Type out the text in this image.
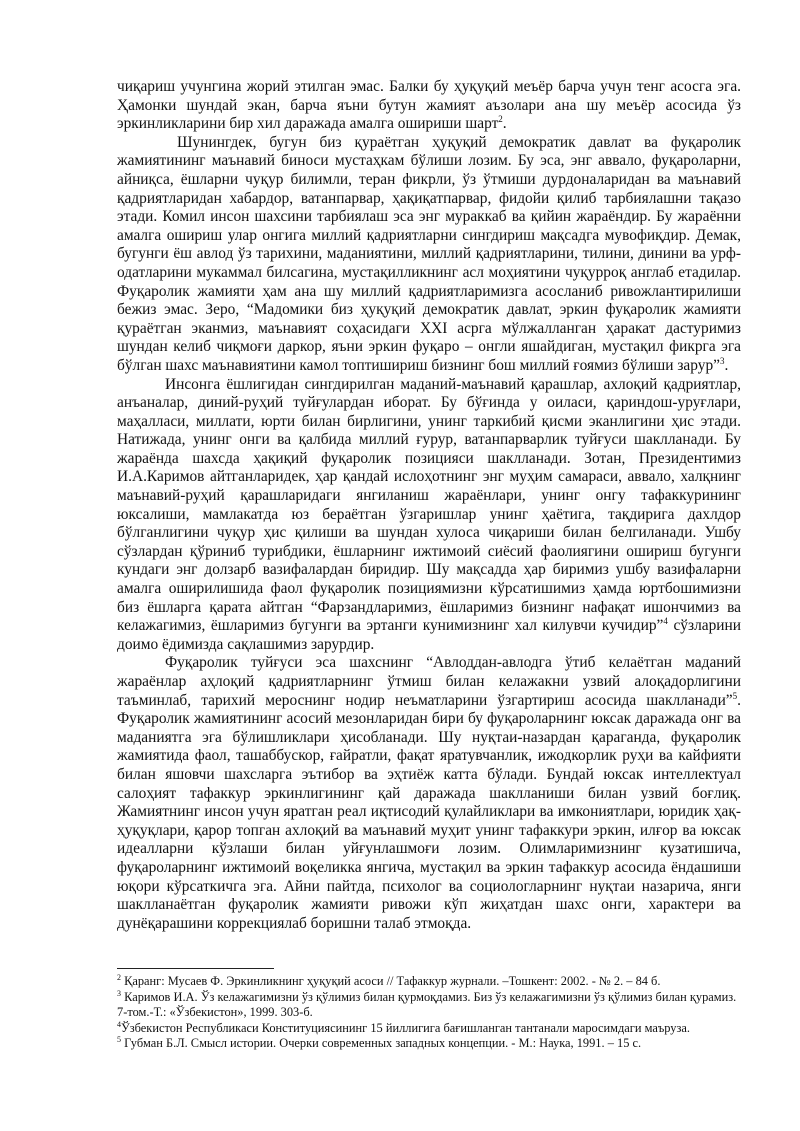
чиқариш учунгина жорий этилган эмас. Балки бу ҳуқуқий меъёр барча учун тенг асосга эга. Ҳамонки шундай экан, барча яъни бутун жамият аъзолари ана шу меъёр асосида ўз эркинликларини бир хил даражада амалга ошириши шарт$^2$.

Шунингдек, бугун биз қураётган ҳуқуқий демократик давлат ва фуқаролик жамиятининг маънавий биноси мустаҳкам бўлиши лозим. Бу эса, энг аввало, фуқароларни, айниқса, ёшларни чуқур билимли, теран фикрли, ўз ўтмиши дурдоналаридан ва маънавий қадриятларидан хабардор, ватанпарвар, ҳақиқатпарвар, фидойи қилиб тарбиялашни тақазо этади. Комил инсон шахсини тарбиялаш эса энг мураккаб ва қийин жараёндир. Бу жараённи амалга ошириш улар онгига миллий қадриятларни сингдириш мақсадга мувофиқдир. Демак, бугунги ёш авлод ўз тарихини, маданиятини, миллий қадриятларини, тилини, динини ва урф-одатларини мукаммал билсагина, мустақилликнинг асл моҳиятини чуқурроқ англаб етадилар. Фуқаролик жамияти ҳам ана шу миллий қадриятларимизга асосланиб ривожлантирилиши бежиз эмас. Зеро, “Мадомики биз ҳуқуқий демократик давлат, эркин фуқаролик жамияти қураётган эканмиз, маънавият соҳасидаги XXI асрга мўлжалланган ҳаракат дастуримиз шундан келиб чиқмоғи даркор, яъни эркин фуқаро – онгли яшайдиган, мустақил фикрга эга бўлган шахс маънавиятини камол топтишириш бизнинг бош миллий ғоямиз бўлиши зарур”$^3$.

Инсонга ёшлигидан сингдирилган маданий-маънавий қарашлар, ахлоқий қадриятлар, анъаналар, диний-руҳий туйғулардан иборат. Бу бўғинда у оиласи, қариндош-уруғлари, маҳалласи, миллати, юрти билан бирлигини, унинг таркибий қисми эканлигини ҳис этади. Натижада, унинг онги ва қалбида миллий ғурур, ватанпарварлик туйғуси шаклланади. Бу жараёнда шахсда ҳақиқий фуқаролик позицияси шаклланади. Зотан, Президентимиз И.А.Каримов айтганларидек, ҳар қандай ислоҳотнинг энг муҳим самараси, аввало, халқнинг маънавий-руҳий қарашларидаги янгиланиш жараёнлари, унинг онгу тафаккурининг юксалиши, мамлакатда юз бераётган ўзгаришлар унинг ҳаётига, тақдирига дахлдор бўлганлигини чуқур ҳис қилиши ва шундан хулоса чиқариши билан белгиланади. Ушбу сўзлардан қўриниб турибдики, ёшларнинг ижтимоий сиёсий фаолиягини ошириш бугунги кундаги энг долзарб вазифалардан биридир. Шу мақсадда ҳар биримиз ушбу вазифаларни амалга оширилишида фаол фуқаролик позициямизни кўрсатишимиз ҳамда юртбошимизни биз ёшларга қарата айтган “Фарзандларимиз, ёшларимиз бизнинг нафақат ишончимиз ва келажагимиз, ёшларимиз бугунги ва эртанги кунимизнинг хал килувчи кучидир”$^4$ сўзларини доимо ёдимизда сақлашимиз зарурдир.

Фуқаролик туйғуси эса шахснинг “Авлоддан-авлодга ўтиб келаётган маданий жараёнлар аҳлоқий қадриятларнинг ўтмиш билан келажакни узвий алоқадорлигини таъминлаб, тарихий мероснинг нодир неъматларини ўзгартириш асосида шаклланади”$^5$. Фуқаролик жамиятининг асосий мезонларидан бири бу фуқароларнинг юксак даражада онг ва маданиятга эга бўлишликлари ҳисобланади. Шу нуқтаи-назардан қараганда, фуқаролик жамиятида фаол, ташаббускор, ғайратли, фақат яратувчанлик, ижодкорлик руҳи ва кайфияти билан яшовчи шахсларга эътибор ва эҳтиёж катта бўлади. Бундай юксак интеллектуал салоҳият тафаккур эркинлигининг қай даражада шаклланиши билан узвий боғлиқ. Жамиятнинг инсон учун яратган реал иқтисодий қулайликлари ва имкониятлари, юридик ҳақ-ҳуқуқлари, қарор топган ахлоқий ва маънавий муҳит унинг тафаккури эркин, илғор ва юксак идеалларни кўзлаши билан уйғунлашмоғи лозим. Олимларимизнинг кузатишича, фуқароларнинг ижтимоий воқеликка янгича, мустақил ва эркин тафаккур асосида ёндашиши юқори кўрсаткичга эга. Айни пайтда, психолог ва социологларнинг нуқтаи назарича, янги шаклланаётган фуқаролик жамияти ривожи кўп жиҳатдан шахс онги, характери ва дунёқарашини коррекциялаб боришни талаб этмоқда.

$^2$ Қаранг: Мусаев Ф. Эркинликнинг ҳуқуқий асоси // Тафаккур журнали. –Тошкент: 2002. - № 2. – 84 б.

$^3$ Каримов И.А. Ўз келажагимизни ўз қўлимиз билан қурмоқдамиз. Биз ўз келажагимизни ўз қўлимиз билан қурамиз. 7-том.-Т.: «Ўзбекистон», 1999. 303-б.

$^4$Ўзбекистон Республикаси Конституциясининг 15 йиллигига бағишланган тантанали маросимдаги маъруза.

$^5$ Губман Б.Л. Смысл истории. Очерки современных западных концепции. - М.: Наука, 1991. – 15 с.
